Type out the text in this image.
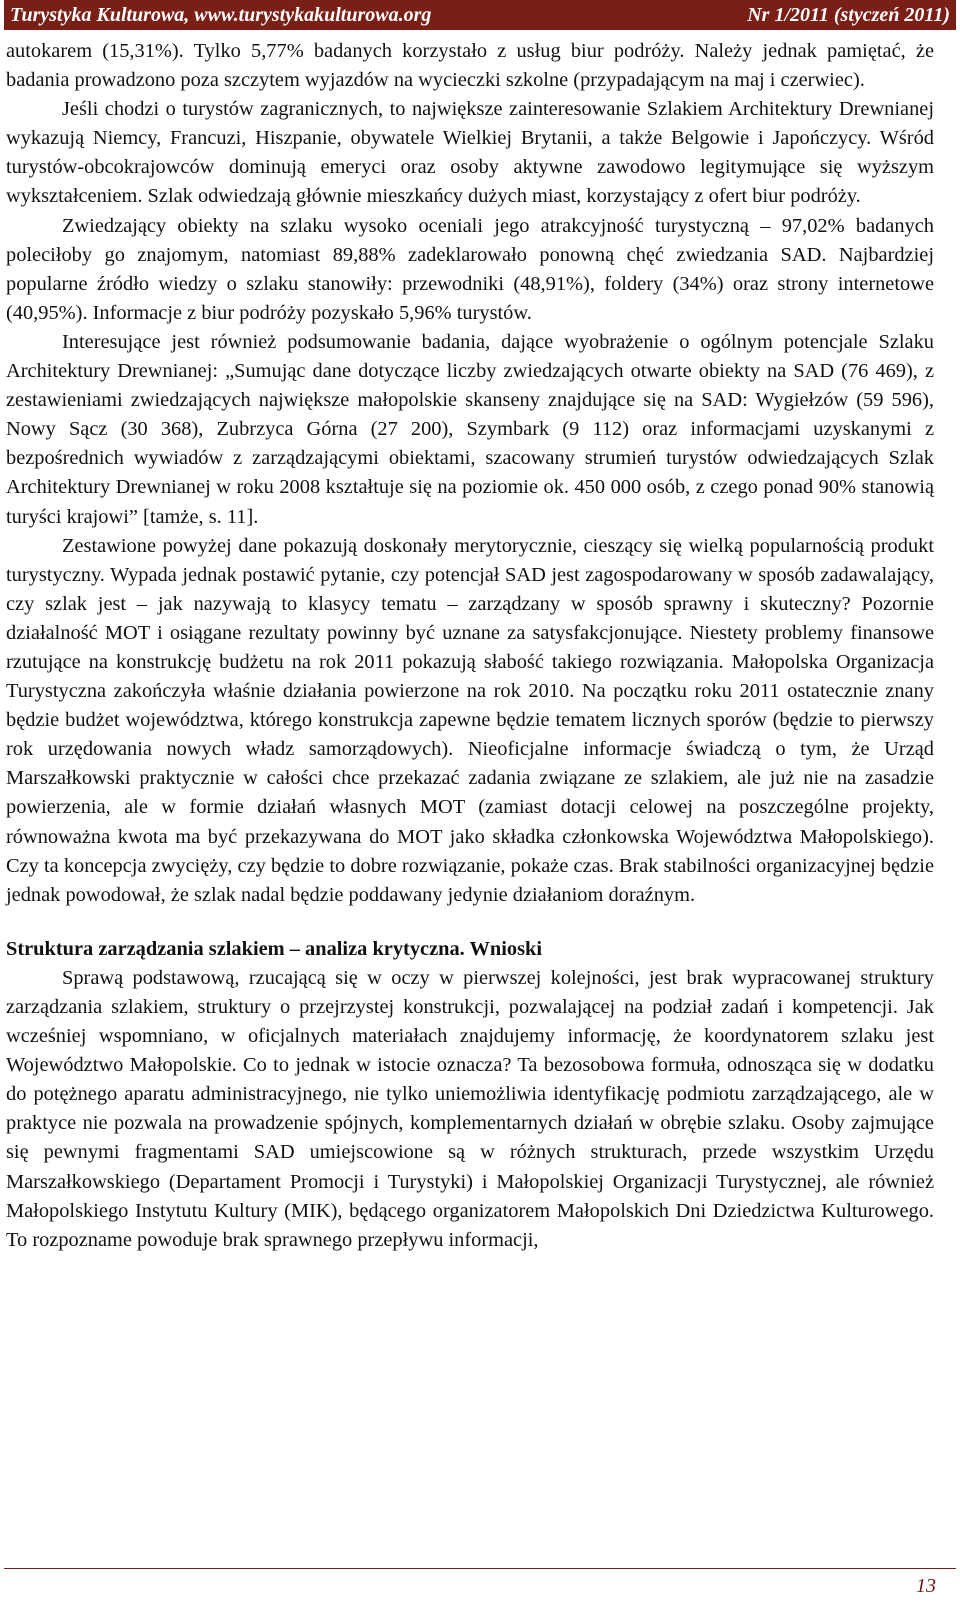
Turystyka Kulturowa, www.turystykakulturowa.org	Nr 1/2011 (styczeń 2011)

autokarem (15,31%). Tylko 5,77% badanych korzystało z usług biur podróży. Należy jednak pamiętać, że badania prowadzono poza szczytem wyjazdów na wycieczki szkolne (przypadającym na maj i czerwiec).

Jeśli chodzi o turystów zagranicznych, to największe zainteresowanie Szlakiem Architektury Drewnianej wykazują Niemcy, Francuzi, Hiszpanie, obywatele Wielkiej Brytanii, a także Belgowie i Japończycy. Wśród turystów-obcokrajowców dominują emeryci oraz osoby aktywne zawodowo legitymujące się wyższym wykształceniem. Szlak odwiedzają głównie mieszkańcy dużych miast, korzystający z ofert biur podróży.

Zwiedzający obiekty na szlaku wysoko oceniali jego atrakcyjność turystyczną – 97,02% badanych poleciłoby go znajomym, natomiast 89,88% zadeklarowało ponowną chęć zwiedzania SAD. Najbardziej popularne źródło wiedzy o szlaku stanowiły: przewodniki (48,91%), foldery (34%) oraz strony internetowe (40,95%). Informacje z biur podróży pozyskało 5,96% turystów.

Interesujące jest również podsumowanie badania, dające wyobrażenie o ogólnym potencjale Szlaku Architektury Drewnianej: „Sumując dane dotyczące liczby zwiedzających otwarte obiekty na SAD (76 469), z zestawieniami zwiedzających największe małopolskie skanseny znajdujące się na SAD: Wygiełzów (59 596), Nowy Sącz (30 368), Zubrzyca Górna (27 200), Szymbark (9 112) oraz informacjami uzyskanymi z bezpośrednich wywiadów z zarządzającymi obiektami, szacowany strumień turystów odwiedzających Szlak Architektury Drewnianej w roku 2008 kształtuje się na poziomie ok. 450 000 osób, z czego ponad 90% stanowią turyści krajowi” [tamże, s. 11].

Zestawione powyżej dane pokazują doskonały merytorycznie, cieszący się wielką popularnością produkt turystyczny. Wypada jednak postawić pytanie, czy potencjał SAD jest zagospodarowany w sposób zadawalający, czy szlak jest – jak nazywają to klasycy tematu – zarządzany w sposób sprawny i skuteczny? Pozornie działalność MOT i osiągane rezultaty powinny być uznane za satysfakcjonujące. Niestety problemy finansowe rzutujące na konstrukcję budżetu na rok 2011 pokazują słabość takiego rozwiązania. Małopolska Organizacja Turystyczna zakończyła właśnie działania powierzone na rok 2010. Na początku roku 2011 ostatecznie znany będzie budżet województwa, którego konstrukcja zapewne będzie tematem licznych sporów (będzie to pierwszy rok urzędowania nowych władz samorządowych). Nieoficjalne informacje świadczą o tym, że Urząd Marszałkowski praktycznie w całości chce przekazać zadania związane ze szlakiem, ale już nie na zasadzie powierzenia, ale w formie działań własnych MOT (zamiast dotacji celowej na poszczególne projekty, równoważna kwota ma być przekazywana do MOT jako składka członkowska Województwa Małopolskiego). Czy ta koncepcja zwycięży, czy będzie to dobre rozwiązanie, pokaże czas. Brak stabilności organizacyjnej będzie jednak powodował, że szlak nadal będzie poddawany jedynie działaniom doraźnym.

Struktura zarządzania szlakiem – analiza krytyczna. Wnioski

Sprawą podstawową, rzucającą się w oczy w pierwszej kolejności, jest brak wypracowanej struktury zarządzania szlakiem, struktury o przejrzystej konstrukcji, pozwalającej na podział zadań i kompetencji. Jak wcześniej wspomniano, w oficjalnych materiałach znajdujemy informację, że koordynatorem szlaku jest Województwo Małopolskie. Co to jednak w istocie oznacza? Ta bezosobowa formuła, odnosząca się w dodatku do potężnego aparatu administracyjnego, nie tylko uniemożliwia identyfikację podmiotu zarządzającego, ale w praktyce nie pozwala na prowadzenie spójnych, komplementarnych działań w obrębie szlaku. Osoby zajmujące się pewnymi fragmentami SAD umiejscowione są w różnych strukturach, przede wszystkim Urzędu Marszałkowskiego (Departament Promocji i Turystyki) i Małopolskiej Organizacji Turystycznej, ale również Małopolskiego Instytutu Kultury (MIK), będącego organizatorem Małopolskich Dni Dziedzictwa Kulturowego. To rozpozname powoduje brak sprawnego przepływu informacji,

13
